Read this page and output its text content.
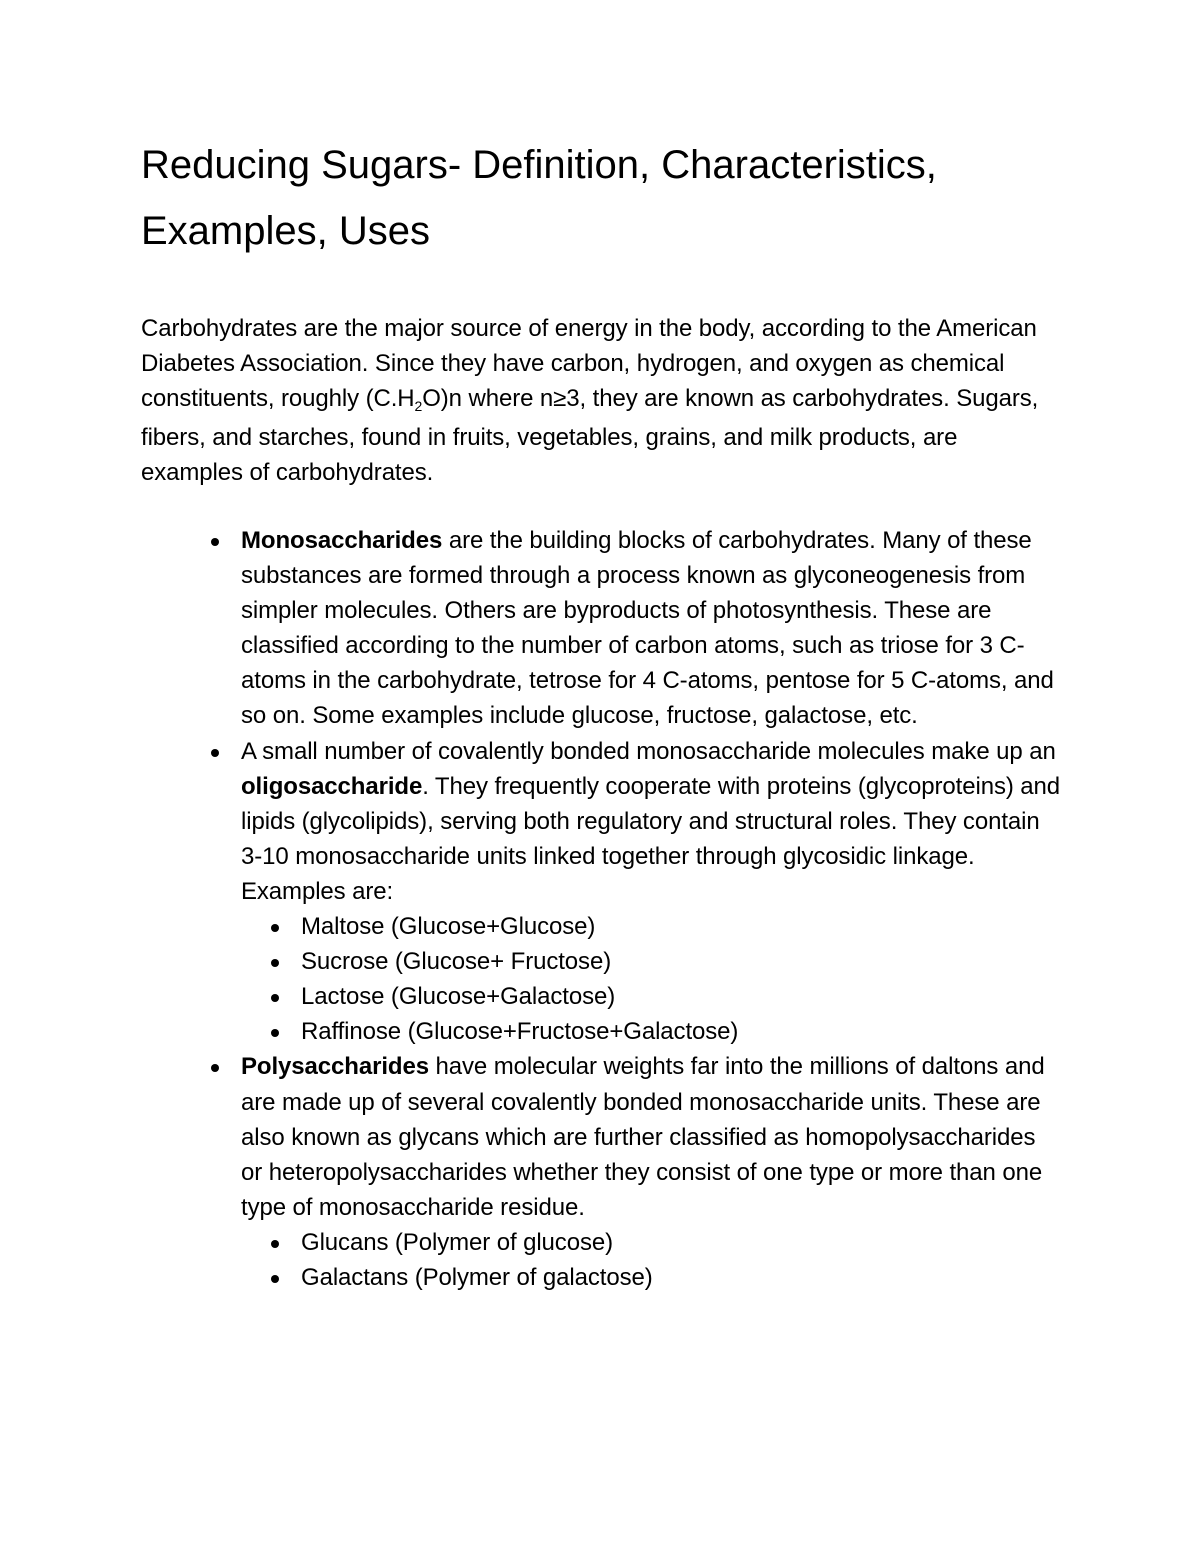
Reducing Sugars- Definition, Characteristics,
Examples, Uses

Carbohydrates are the major source of energy in the body, according to the American Diabetes Association. Since they have carbon, hydrogen, and oxygen as chemical constituents, roughly $(C.H_2O)n$ where n≥3, they are known as carbohydrates. Sugars, fibers, and starches, found in fruits, vegetables, grains, and milk products, are examples of carbohydrates.

Monosaccharides are the building blocks of carbohydrates. Many of these substances are formed through a process known as glyconeogenesis from simpler molecules. Others are byproducts of photosynthesis. These are classified according to the number of carbon atoms, such as triose for 3 C-atoms in the carbohydrate, tetrose for 4 C-atoms, pentose for 5 C-atoms, and so on. Some examples include glucose, fructose, galactose, etc.
A small number of covalently bonded monosaccharide molecules make up an oligosaccharide. They frequently cooperate with proteins (glycoproteins) and lipids (glycolipids), serving both regulatory and structural roles. They contain 3-10 monosaccharide units linked together through glycosidic linkage. Examples are:
Maltose (Glucose+Glucose)
Sucrose (Glucose+ Fructose)
Lactose (Glucose+Galactose)
Raffinose (Glucose+Fructose+Galactose)
Polysaccharides have molecular weights far into the millions of daltons and are made up of several covalently bonded monosaccharide units. These are also known as glycans which are further classified as homopolysaccharides or heteropolysaccharides whether they consist of one type or more than one type of monosaccharide residue.
Glucans (Polymer of glucose)
Galactans (Polymer of galactose)
